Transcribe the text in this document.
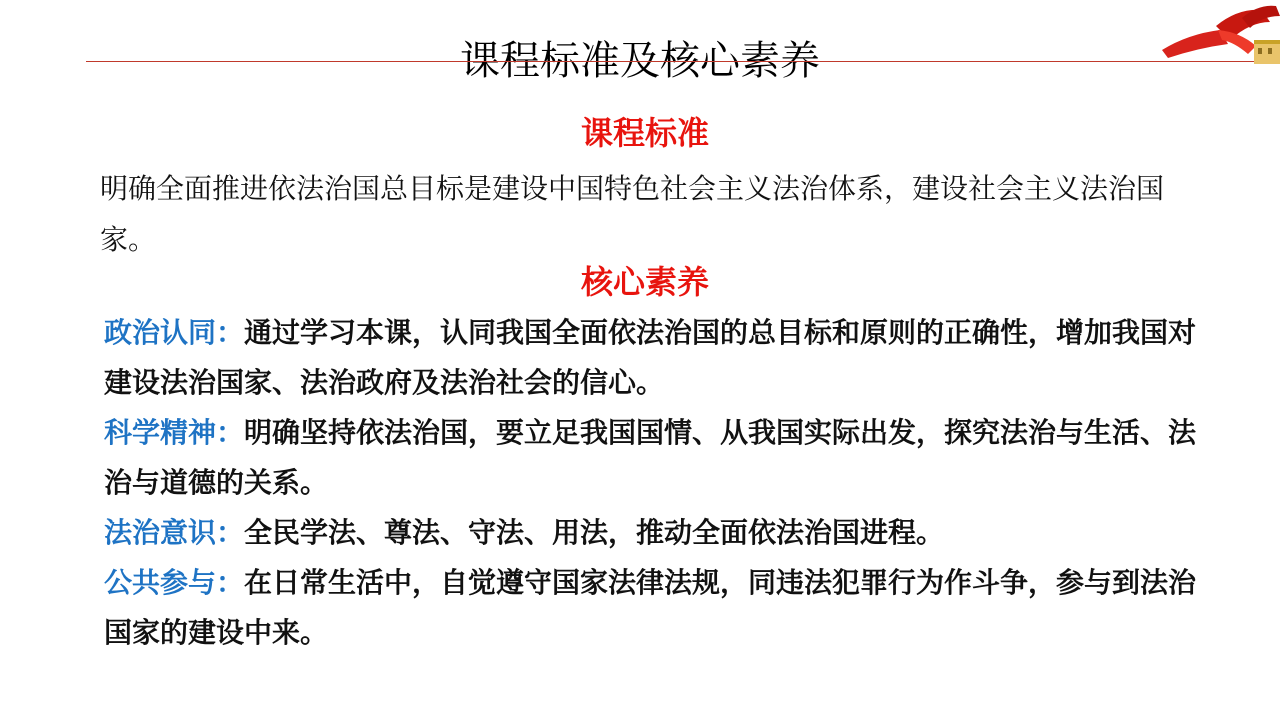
课程标准及核心素养
课程标准
明确全面推进依法治国总目标是建设中国特色社会主义法治体系，建设社会主义法治国家。
核心素养
政治认同：通过学习本课，认同我国全面依法治国的总目标和原则的正确性，增加我国对建设法治国家、法治政府及法治社会的信心。
科学精神：明确坚持依法治国，要立足我国国情、从我国实际出发，探究法治与生活、法治与道德的关系。
法治意识：全民学法、尊法、守法、用法，推动全面依法治国进程。
公共参与：在日常生活中，自觉遵守国家法律法规，同违法犯罪行为作斗争，参与到法治国家的建设中来。
